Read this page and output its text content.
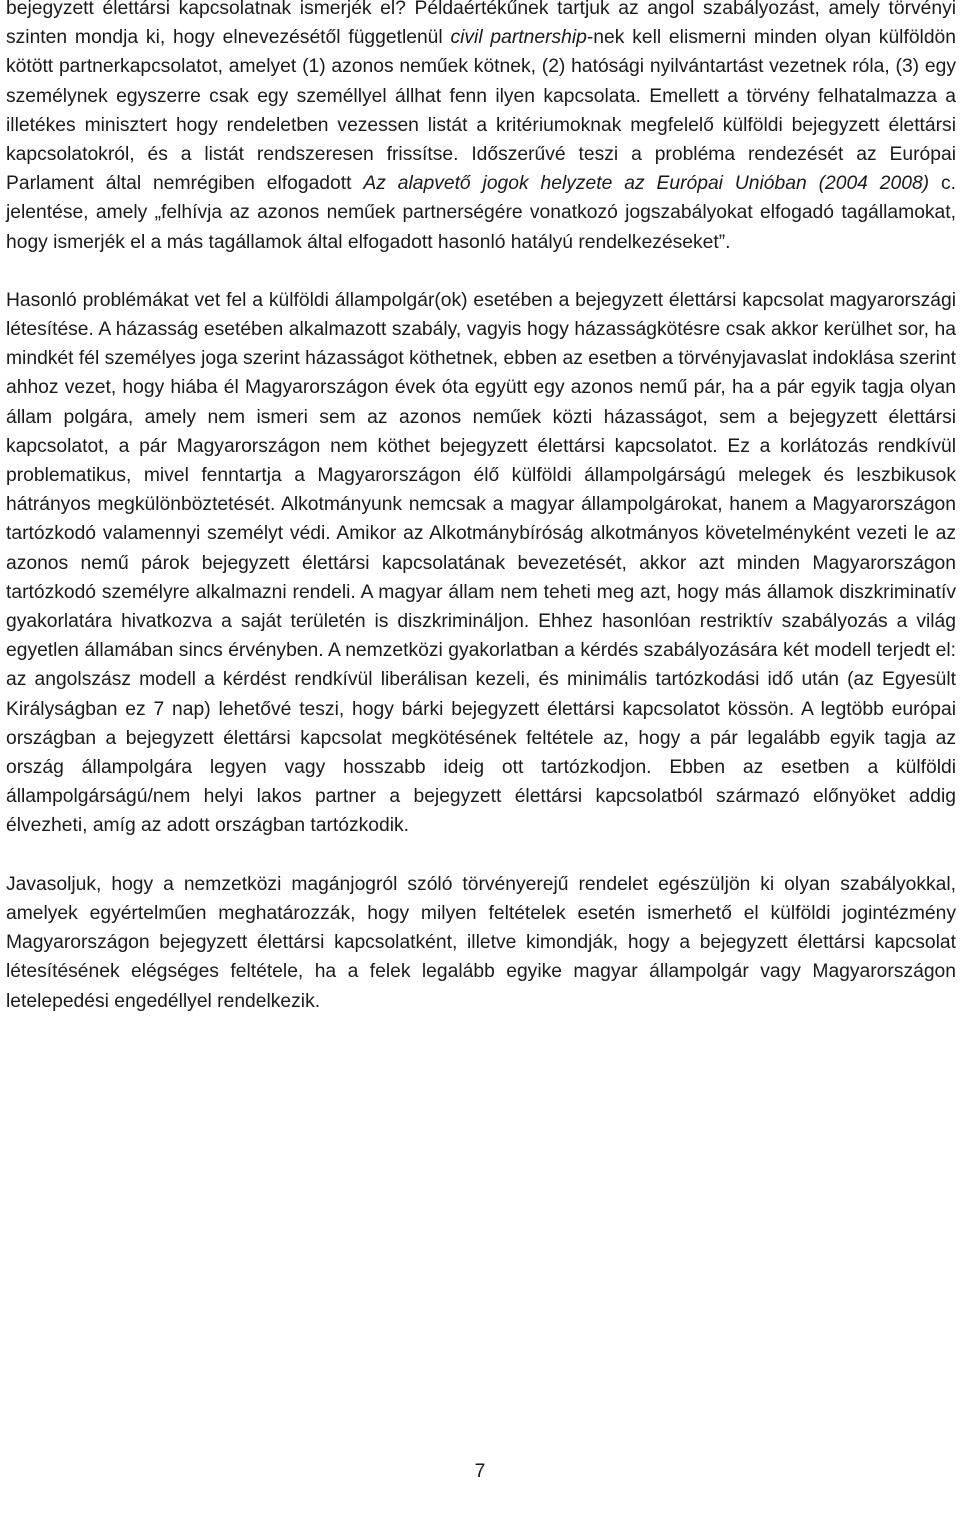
bejegyzett élettársi kapcsolatnak ismerjék el? Példaértékűnek tartjuk az angol szabályozást, amely törvényi szinten mondja ki, hogy elnevezésétől függetlenül civil partnership-nek kell elismerni minden olyan külföldön kötött partnerkapcsolatot, amelyet (1) azonos neműek kötnek, (2) hatósági nyilvántartást vezetnek róla, (3) egy személynek egyszerre csak egy személlyel állhat fenn ilyen kapcsolata. Emellett a törvény felhatalmazza a illetékes minisztert hogy rendeletben vezessen listát a kritériumoknak megfelelő külföldi bejegyzett élettársi kapcsolatokról, és a listát rendszeresen frissítse. Időszerűvé teszi a probléma rendezését az Európai Parlament által nemrégiben elfogadott Az alapvető jogok helyzete az Európai Unióban (2004 2008) c. jelentése, amely „felhívja az azonos neműek partnerségére vonatkozó jogszabályokat elfogadó tagállamokat, hogy ismerjék el a más tagállamok által elfogadott hasonló hatályú rendelkezéseket”.

Hasonló problémákat vet fel a külföldi állampolgár(ok) esetében a bejegyzett élettársi kapcsolat magyarországi létesítése. A házasság esetében alkalmazott szabály, vagyis hogy házasságkötésre csak akkor kerülhet sor, ha mindkét fél személyes joga szerint házasságot köthetnek, ebben az esetben a törvényjavaslat indoklása szerint ahhoz vezet, hogy hiába él Magyarországon évek óta együtt egy azonos nemű pár, ha a pár egyik tagja olyan állam polgára, amely nem ismeri sem az azonos neműek közti házasságot, sem a bejegyzett élettársi kapcsolatot, a pár Magyarországon nem köthet bejegyzett élettársi kapcsolatot. Ez a korlátozás rendkívül problematikus, mivel fenntartja a Magyarországon élő külföldi állampolgárságú melegek és leszbikusok hátrányos megkülönböztetését. Alkotmányunk nemcsak a magyar állampolgárokat, hanem a Magyarországon tartózkodó valamennyi személyt védi. Amikor az Alkotmánybíróság alkotmányos követelményként vezeti le az azonos nemű párok bejegyzett élettársi kapcsolatának bevezetését, akkor azt minden Magyarországon tartózkodó személyre alkalmazni rendeli. A magyar állam nem teheti meg azt, hogy más államok diszkriminatív gyakorlatára hivatkozva a saját területén is diszkrimináljon. Ehhez hasonlóan restriktív szabályozás a világ egyetlen államában sincs érvényben. A nemzetközi gyakorlatban a kérdés szabályozására két modell terjedt el: az angolszász modell a kérdést rendkívül liberálisan kezeli, és minimális tartózkodási idő után (az Egyesült Királyságban ez 7 nap) lehetővé teszi, hogy bárki bejegyzett élettársi kapcsolatot kössön. A legtöbb európai országban a bejegyzett élettársi kapcsolat megkötésének feltétele az, hogy a pár legalább egyik tagja az ország állampolgára legyen vagy hosszabb ideig ott tartózkodjon. Ebben az esetben a külföldi állampolgárságú/nem helyi lakos partner a bejegyzett élettársi kapcsolatból származó előnyöket addig élvezheti, amíg az adott országban tartózkodik.

Javasoljuk, hogy a nemzetközi magánjogról szóló törvényerejű rendelet egészüljön ki olyan szabályokkal, amelyek egyértelműen meghatározzák, hogy milyen feltételek esetén ismerhető el külföldi jogintézmény Magyarországon bejegyzett élettársi kapcsolatként, illetve kimondják, hogy a bejegyzett élettársi kapcsolat létesítésének elégséges feltétele, ha a felek legalább egyike magyar állampolgár vagy Magyarországon letelepedési engedéllyel rendelkezik.

7
